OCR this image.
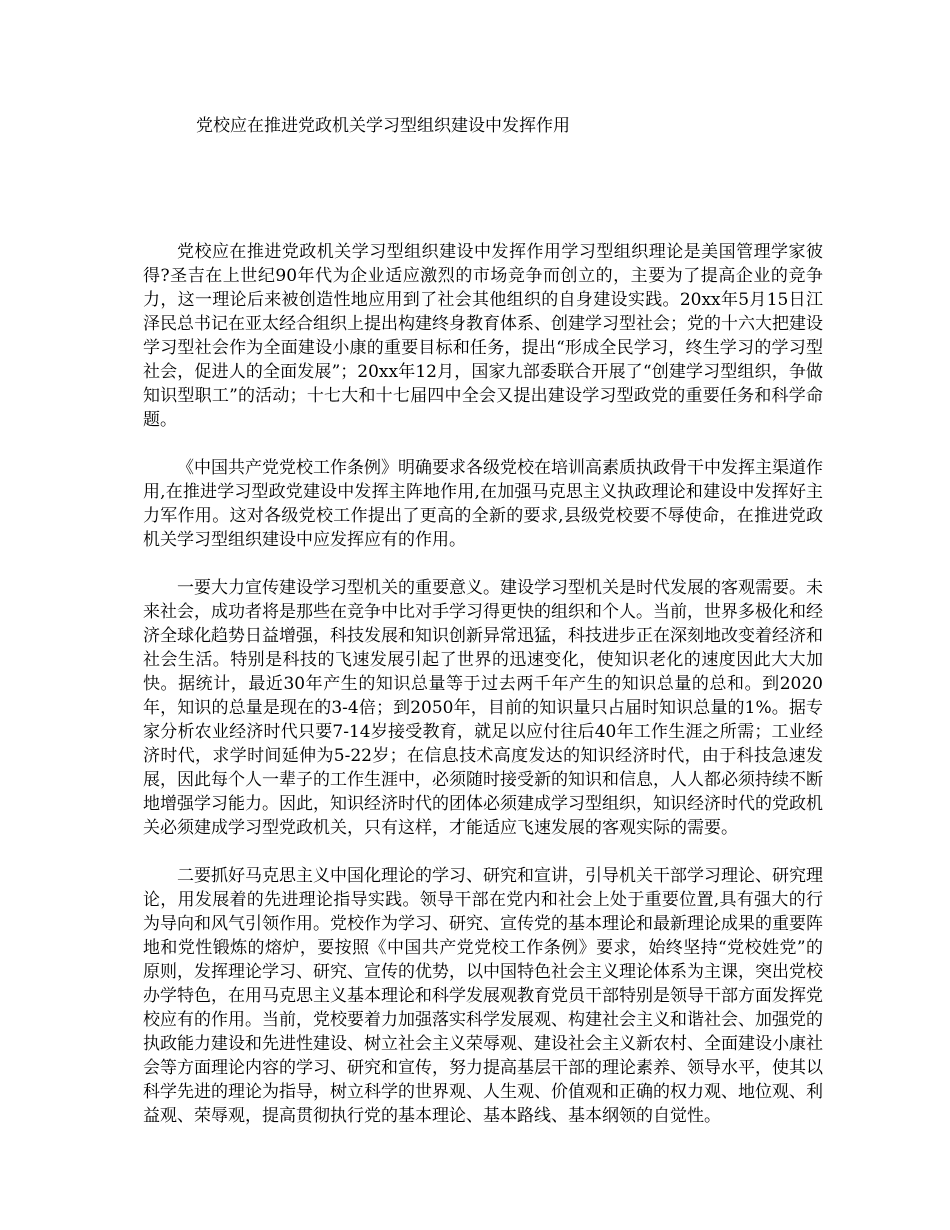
党校应在推进党政机关学习型组织建设中发挥作用

党校应在推进党政机关学习型组织建设中发挥作用学习型组织理论是美国管理学家彼得?圣吉在上世纪90年代为企业适应激烈的市场竞争而创立的，主要为了提高企业的竞争力，这一理论后来被创造性地应用到了社会其他组织的自身建设实践。20xx年5月15日江泽民总书记在亚太经合组织上提出构建终身教育体系、创建学习型社会；党的十六大把建设学习型社会作为全面建设小康的重要目标和任务，提出“形成全民学习，终生学习的学习型社会，促进人的全面发展”；20xx年12月，国家九部委联合开展了“创建学习型组织，争做知识型职工”的活动；十七大和十七届四中全会又提出建设学习型政党的重要任务和科学命题。

《中国共产党党校工作条例》明确要求各级党校在培训高素质执政骨干中发挥主渠道作用,在推进学习型政党建设中发挥主阵地作用,在加强马克思主义执政理论和建设中发挥好主力军作用。这对各级党校工作提出了更高的全新的要求,县级党校要不辱使命，在推进党政机关学习型组织建设中应发挥应有的作用。

一要大力宣传建设学习型机关的重要意义。建设学习型机关是时代发展的客观需要。未来社会，成功者将是那些在竞争中比对手学习得更快的组织和个人。当前，世界多极化和经济全球化趋势日益增强，科技发展和知识创新异常迅猛，科技进步正在深刻地改变着经济和社会生活。特别是科技的飞速发展引起了世界的迅速变化，使知识老化的速度因此大大加快。据统计，最近30年产生的知识总量等于过去两千年产生的知识总量的总和。到2020年，知识的总量是现在的3-4倍；到2050年，目前的知识量只占届时知识总量的1%。据专家分析农业经济时代只要7-14岁接受教育，就足以应付往后40年工作生涯之所需；工业经济时代，求学时间延伸为5-22岁；在信息技术高度发达的知识经济时代，由于科技急速发展，因此每个人一辈子的工作生涯中，必须随时接受新的知识和信息，人人都必须持续不断地增强学习能力。因此，知识经济时代的团体必须建成学习型组织，知识经济时代的党政机关必须建成学习型党政机关，只有这样，才能适应飞速发展的客观实际的需要。

二要抓好马克思主义中国化理论的学习、研究和宣讲，引导机关干部学习理论、研究理论，用发展着的先进理论指导实践。领导干部在党内和社会上处于重要位置,具有强大的行为导向和风气引领作用。党校作为学习、研究、宣传党的基本理论和最新理论成果的重要阵地和党性锻炼的熔炉，要按照《中国共产党党校工作条例》要求，始终坚持“党校姓党”的原则，发挥理论学习、研究、宣传的优势，以中国特色社会主义理论体系为主课，突出党校办学特色，在用马克思主义基本理论和科学发展观教育党员干部特别是领导干部方面发挥党校应有的作用。当前，党校要着力加强落实科学发展观、构建社会主义和谐社会、加强党的执政能力建设和先进性建设、树立社会主义荣辱观、建设社会主义新农村、全面建设小康社会等方面理论内容的学习、研究和宣传，努力提高基层干部的理论素养、领导水平，使其以科学先进的理论为指导，树立科学的世界观、人生观、价值观和正确的权力观、地位观、利益观、荣辱观，提高贯彻执行党的基本理论、基本路线、基本纲领的自觉性。
